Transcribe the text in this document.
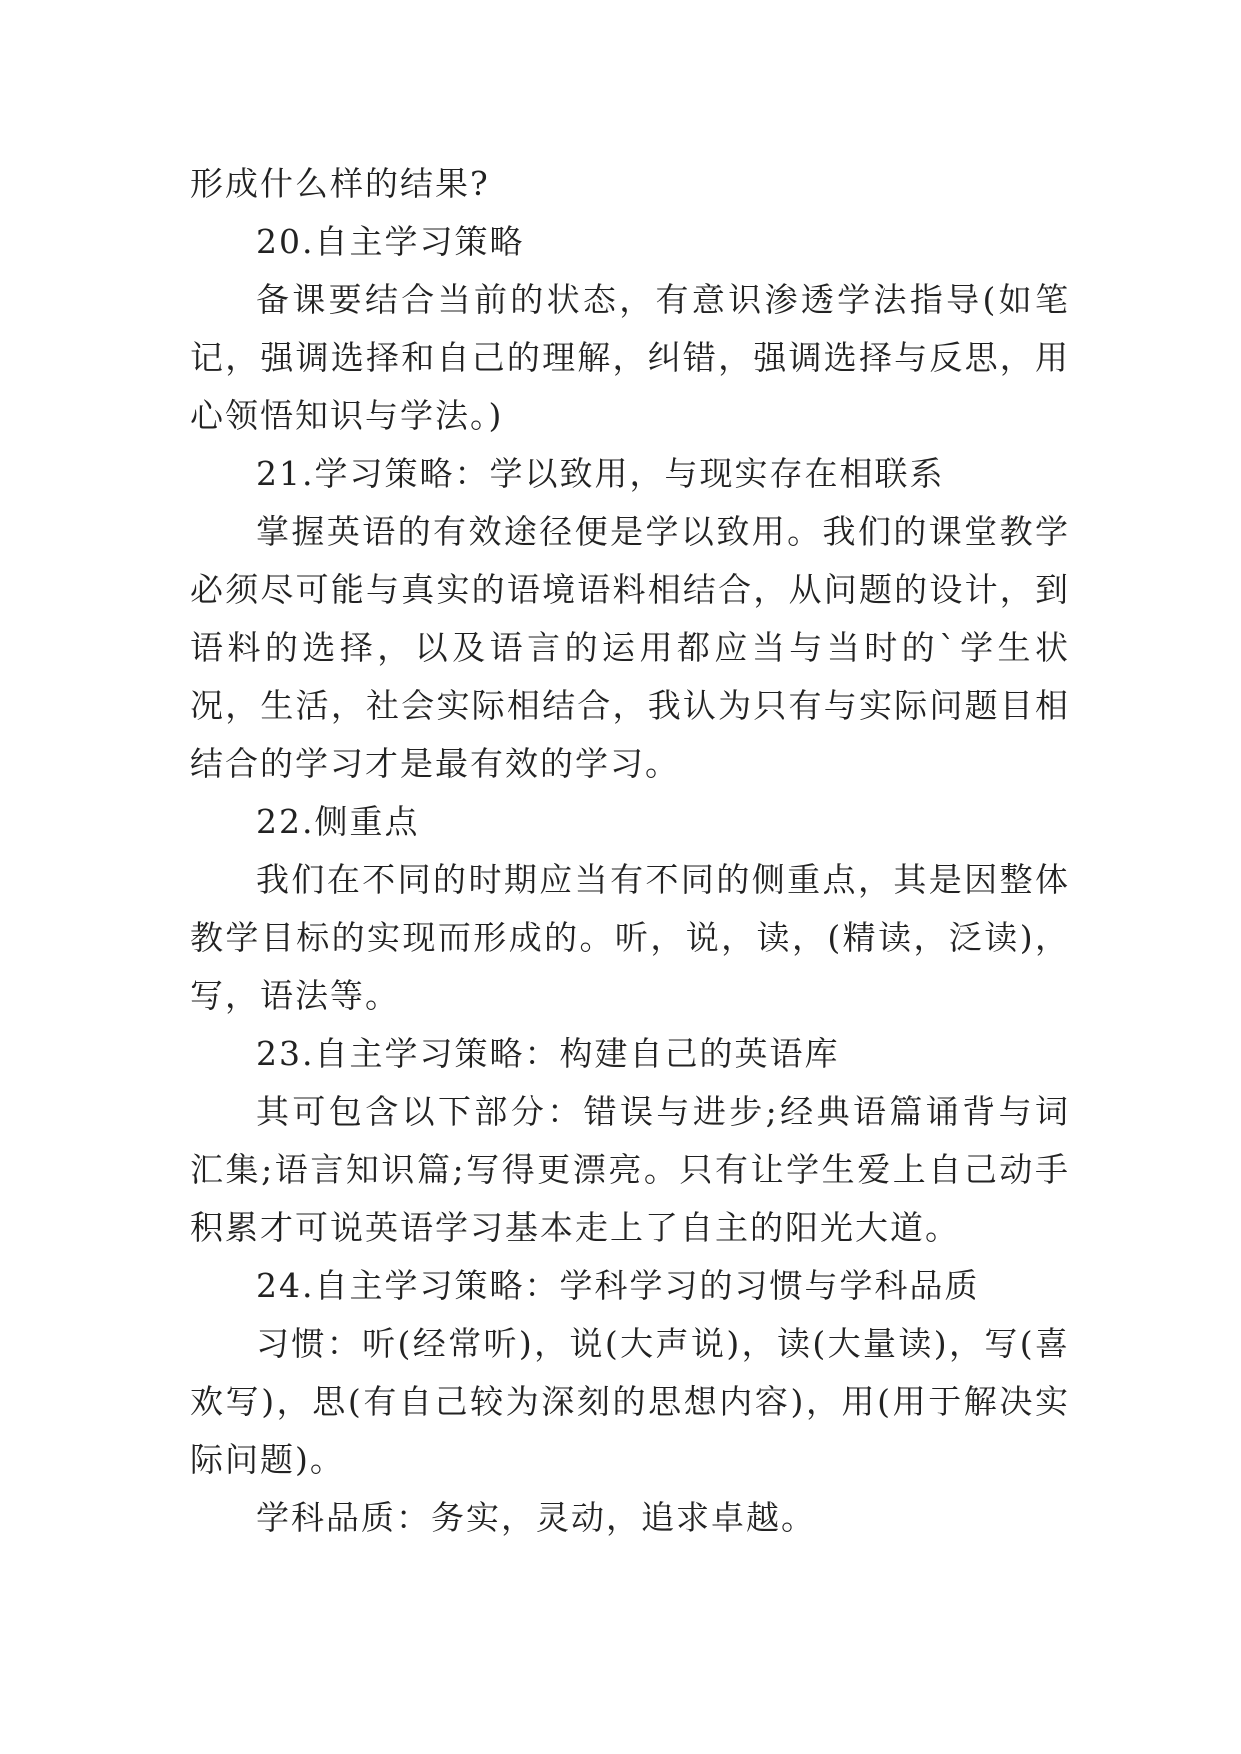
形成什么样的结果?

20.自主学习策略

备课要结合当前的状态，有意识渗透学法指导(如笔记，强调选择和自己的理解，纠错，强调选择与反思，用心领悟知识与学法。)

21.学习策略：学以致用，与现实存在相联系

掌握英语的有效途径便是学以致用。我们的课堂教学必须尽可能与真实的语境语料相结合，从问题的设计，到语料的选择，以及语言的运用都应当与当时的`学生状况，生活，社会实际相结合，我认为只有与实际问题目相结合的学习才是最有效的学习。

22.侧重点

我们在不同的时期应当有不同的侧重点，其是因整体教学目标的实现而形成的。听，说，读，(精读，泛读)，写，语法等。

23.自主学习策略：构建自己的英语库

其可包含以下部分：错误与进步;经典语篇诵背与词汇集;语言知识篇;写得更漂亮。只有让学生爱上自己动手积累才可说英语学习基本走上了自主的阳光大道。

24.自主学习策略：学科学习的习惯与学科品质

习惯：听(经常听)，说(大声说)，读(大量读)，写(喜欢写)，思(有自己较为深刻的思想内容)，用(用于解决实际问题)。

学科品质：务实，灵动，追求卓越。
